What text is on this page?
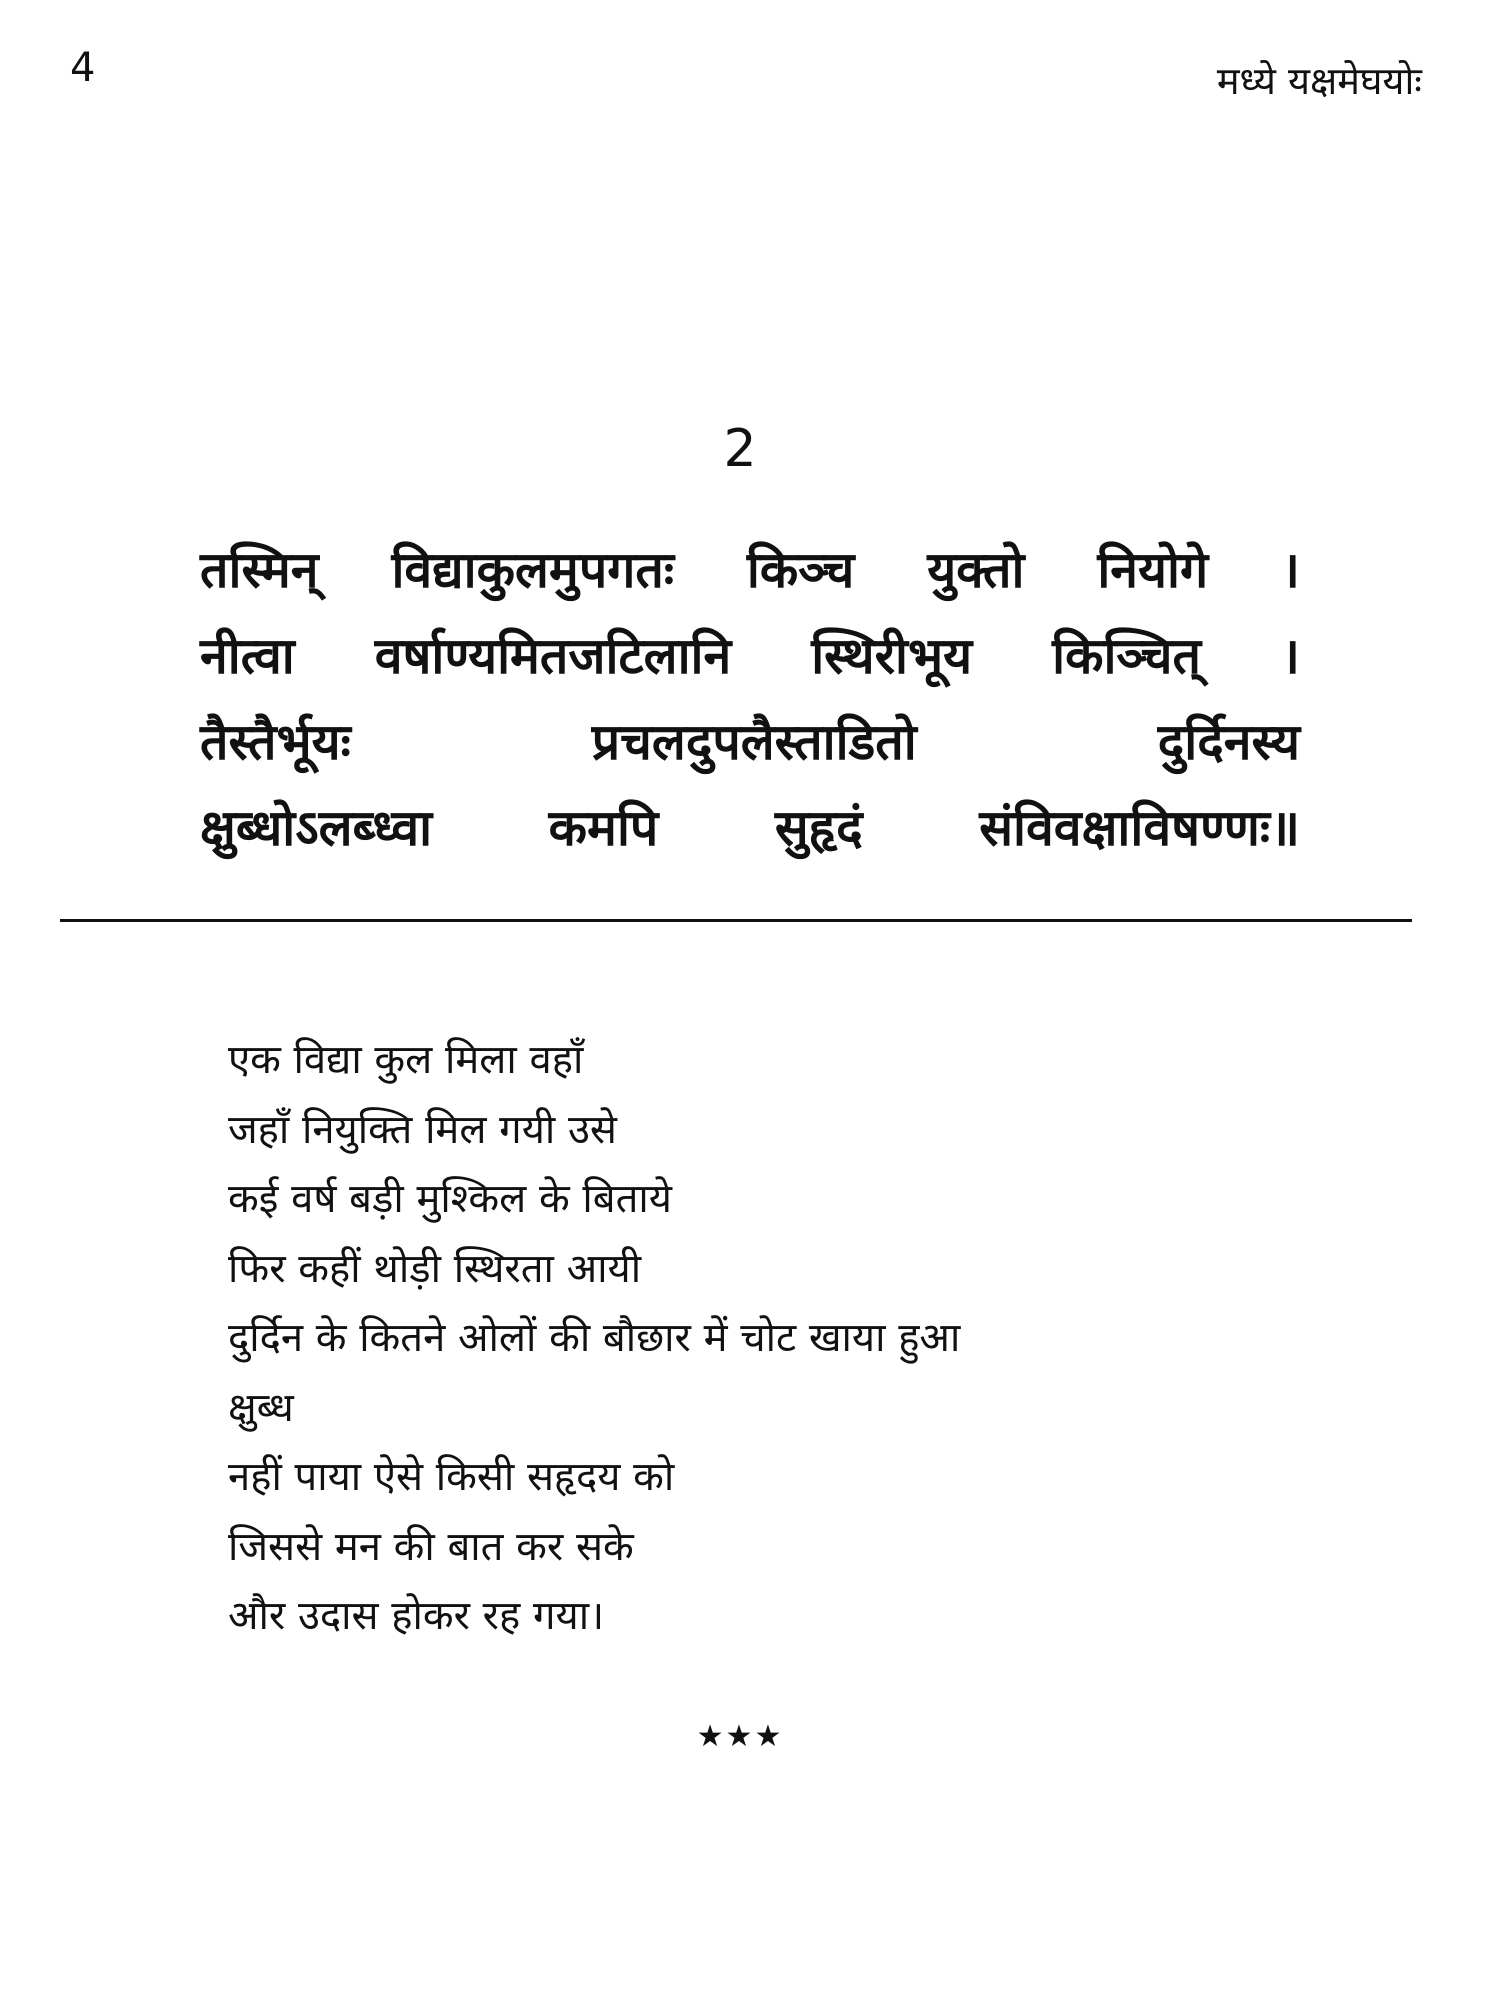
4	मध्ये यक्षमेघयोः
2
तस्मिन् विद्याकुलमुपगतः किञ्च युक्तो नियोगे ।
नीत्वा वर्षाण्यमितजटिलानि स्थिरीभूय किञ्चित् ।
तैस्तैर्भूयः	प्रचलदुपलैस्ताडितो	दुर्दिनस्य
क्षुब्धोऽलब्ध्वा कमपि सुहृदं संविवक्षाविषण्णः॥
एक विद्या कुल मिला वहाँ
जहाँ नियुक्ति मिल गयी उसे
कई वर्ष बड़ी मुश्किल के बिताये
फिर कहीं थोड़ी स्थिरता आयी
दुर्दिन के कितने ओलों की बौछार में चोट खाया हुआ
क्षुब्ध
नहीं पाया ऐसे किसी सहृदय को
जिससे मन की बात कर सके
और उदास होकर रह गया।
★★★
